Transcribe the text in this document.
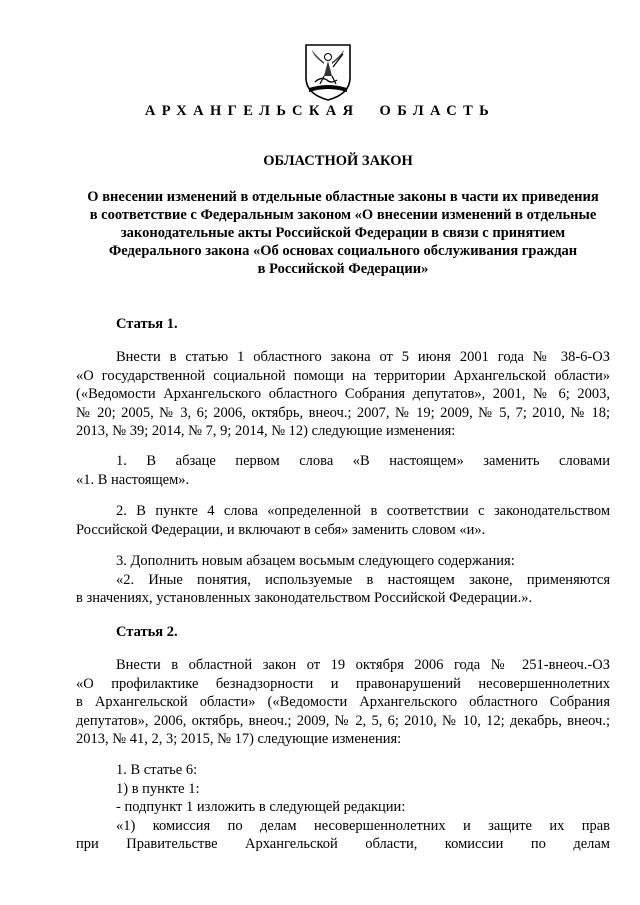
АРХАНГЕЛЬСКАЯ  ОБЛАСТЬ
ОБЛАСТНОЙ ЗАКОН
О внесении изменений в отдельные областные законы в части их приведения
в соответствие с Федеральным законом «О внесении изменений в отдельные
законодательные акты Российской Федерации в связи с принятием
Федерального закона «Об основах социального обслуживания граждан
в Российской Федерации»
Статья 1.
Внести в статью 1 областного закона от 5 июня 2001 года № 38-6-ОЗ
«О государственной социальной помощи на территории Архангельской области»
(«Ведомости Архангельского областного Собрания депутатов», 2001, № 6; 2003,
№ 20; 2005, № 3, 6; 2006, октябрь, внеоч.; 2007, № 19; 2009, № 5, 7; 2010, № 18;
2013, № 39; 2014, № 7, 9; 2014, № 12) следующие изменения:
1. В абзаце первом слова «В настоящем» заменить словами
«1. В настоящем».
2. В пункте 4 слова «определенной в соответствии с законодательством
Российской Федерации, и включают в себя» заменить словом «и».
3. Дополнить новым абзацем восьмым следующего содержания:
«2. Иные понятия, используемые в настоящем законе, применяются
в значениях, установленных законодательством Российской Федерации.».
Статья 2.
Внести в областной закон от 19 октября 2006 года № 251-внеоч.-ОЗ
«О профилактике безнадзорности и правонарушений несовершеннолетних
в Архангельской области» («Ведомости Архангельского областного Собрания
депутатов», 2006, октябрь, внеоч.; 2009, № 2, 5, 6; 2010, № 10, 12; декабрь, внеоч.;
2013, № 41, 2, 3; 2015, № 17) следующие изменения:
1. В статье 6:
1) в пункте 1:
- подпункт 1 изложить в следующей редакции:
«1) комиссия по делам несовершеннолетних и защите их прав
при Правительстве Архангельской области, комиссии по делам
